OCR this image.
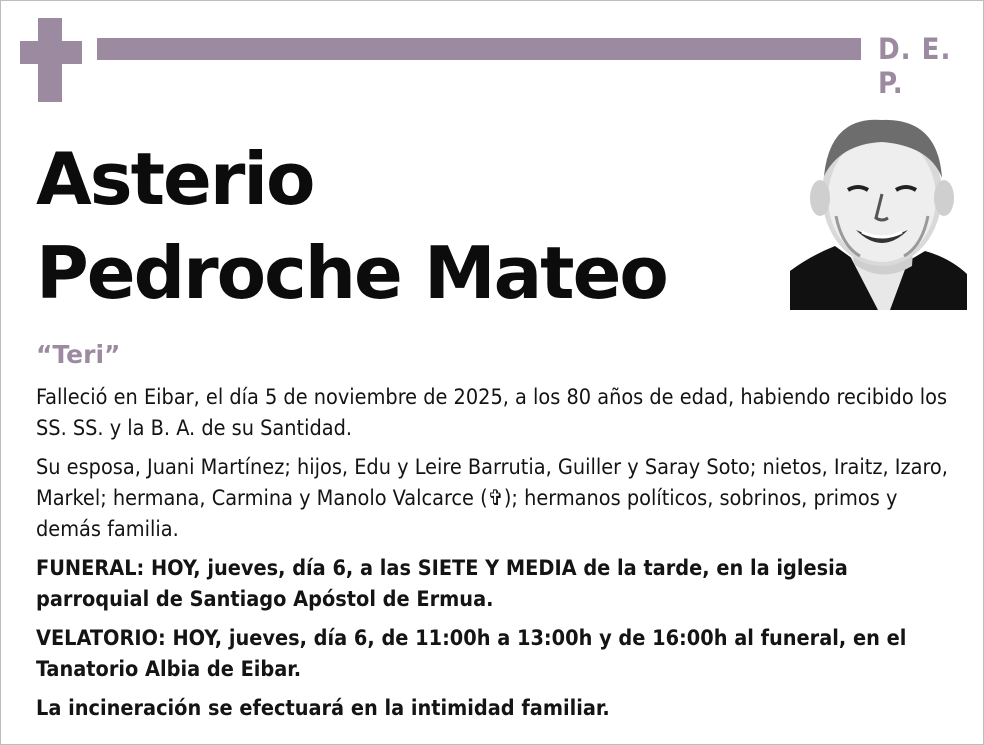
D. E. P.
Asterio
Pedroche Mateo
“Teri”

Falleció en Eibar, el día 5 de noviembre de 2025, a los 80 años de edad, habiendo recibido los SS. SS. y la B. A. de su Santidad.

Su esposa, Juani Martínez; hijos, Edu y Leire Barrutia, Guiller y Saray Soto; nietos, Iraitz, Izaro, Markel; hermana, Carmina y Manolo Valcarce (✞); hermanos políticos, sobrinos, primos y demás familia.

FUNERAL: HOY, jueves, día 6, a las SIETE Y MEDIA de la tarde, en la iglesia parroquial de Santiago Apóstol de Ermua.

VELATORIO: HOY, jueves, día 6, de 11:00h a 13:00h y de 16:00h al funeral, en el Tanatorio Albia de Eibar.

La incineración se efectuará en la intimidad familiar.
